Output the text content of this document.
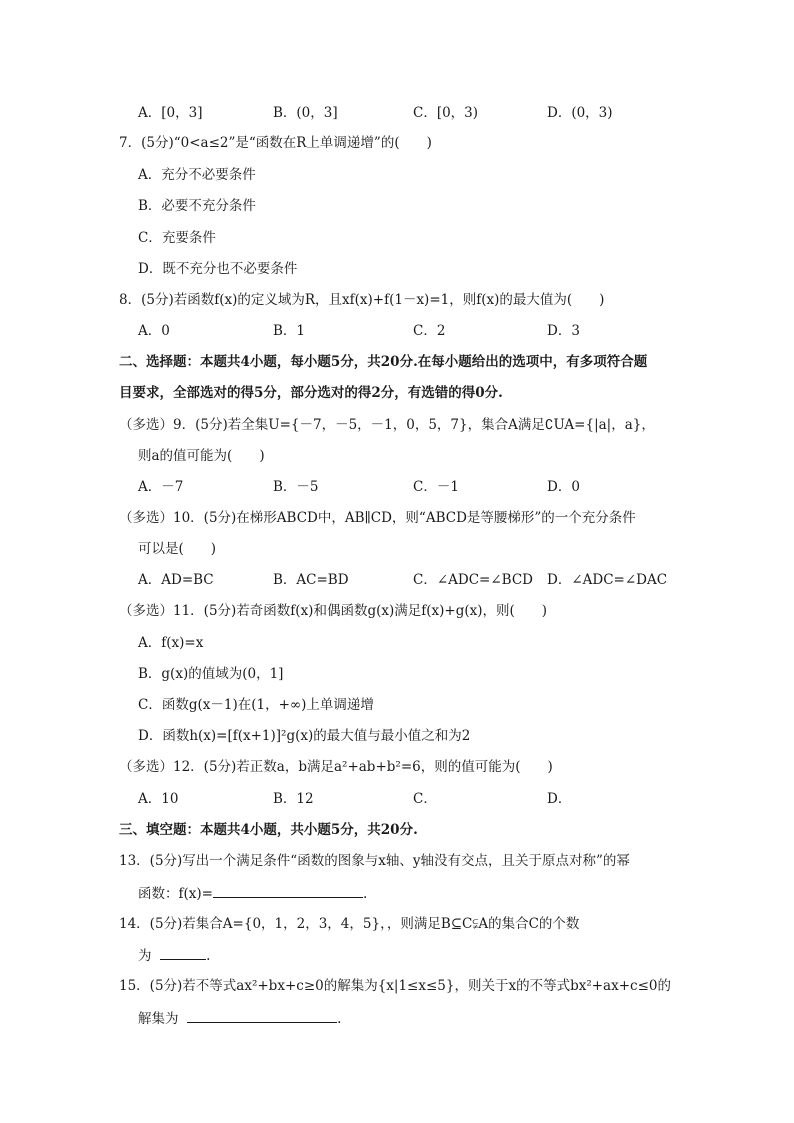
A．[0，3]	B．(0，3]	C．[0，3)	D．(0，3)
7．(5分)“0<a≤2”是“函数在R上单调递增”的(　　)
A．充分不必要条件
B．必要不充分条件
C．充要条件
D．既不充分也不必要条件
8．(5分)若函数f(x)的定义域为R，且xf(x)+f(1－x)=1，则f(x)的最大值为(　　)
A．0	B．1	C．2	D．3
二、选择题：本题共4小题，每小题5分，共20分.在每小题给出的选项中，有多项符合题
目要求，全部选对的得5分，部分选对的得2分，有选错的得0分.
（多选）9．(5分)若全集U={－7，－5，－1，0，5，7}，集合A满足∁UA={|a|，a}，
则a的值可能为(　　)
A．－7	B．－5	C．－1	D．0
（多选）10．(5分)在梯形ABCD中，AB∥CD，则“ABCD是等腰梯形”的一个充分条件
可以是(　　)
A．AD=BC	B．AC=BD	C．∠ADC=∠BCD D．∠ADC=∠DAC
（多选）11．(5分)若奇函数f(x)和偶函数g(x)满足f(x)+g(x)，则(　　)
A．f(x)=x
B．g(x)的值域为(0，1]
C．函数g(x－1)在(1，+∞)上单调递增
D．函数h(x)=[f(x+1)]²g(x)的最大值与最小值之和为2
（多选）12．(5分)若正数a，b满足a²+ab+b²=6，则的值可能为(　　)
A．10	B．12	C．	D．
三、填空题：本题共4小题，共小题5分，共20分.
13．(5分)写出一个满足条件“函数的图象与x轴、y轴没有交点，且关于原点对称”的幂
函数：f(x)=	.
14．(5分)若集合A={0，1，2，3，4，5}，，则满足B⊆C⫋A的集合C的个数
为	.
15．(5分)若不等式ax²+bx+c≥0的解集为{x|1≤x≤5}，则关于x的不等式bx²+ax+c≤0的
解集为	.
